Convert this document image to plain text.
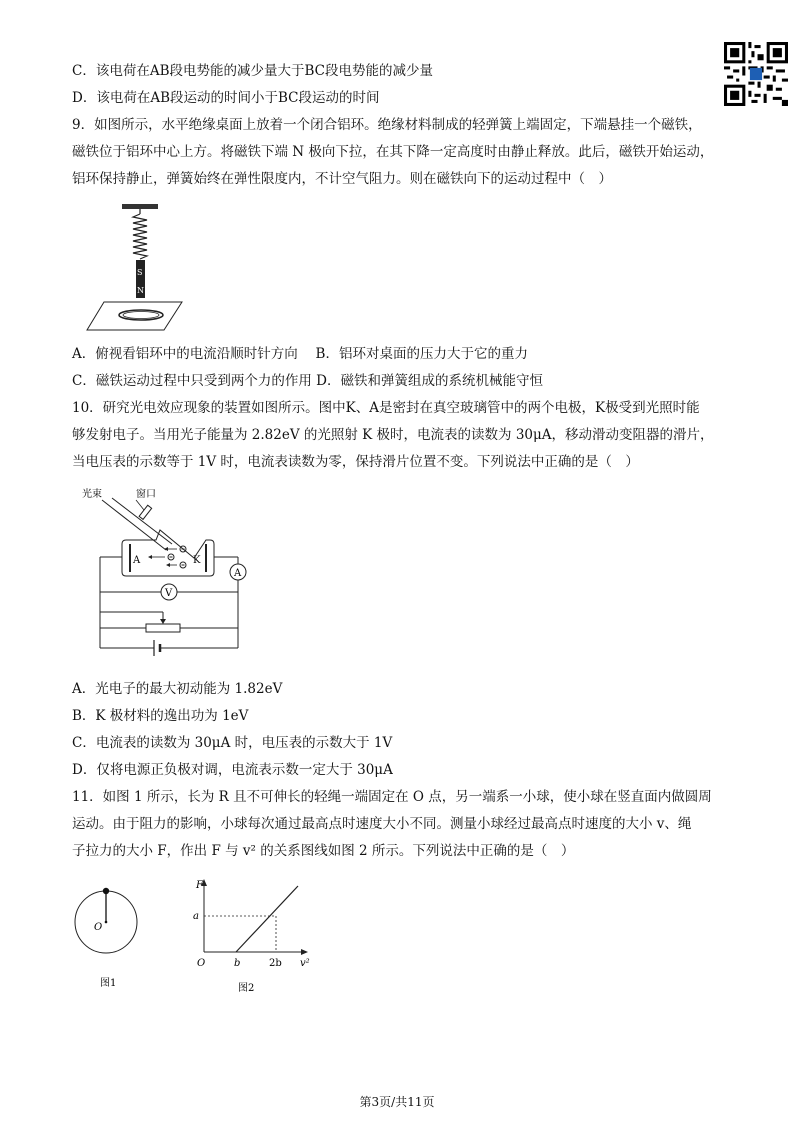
C．该电荷在AB段电势能的减少量大于BC段电势能的减少量
D．该电荷在AB段运动的时间小于BC段运动的时间
9．如图所示，水平绝缘桌面上放着一个闭合铝环。绝缘材料制成的轻弹簧上端固定，下端悬挂一个磁铁，
磁铁位于铝环中心上方。将磁铁下端 N 极向下拉，在其下降一定高度时由静止释放。此后，磁铁开始运动，
铝环保持静止，弹簧始终在弹性限度内，不计空气阻力。则在磁铁向下的运动过程中（　）
S
N
A．俯视看铝环中的电流沿顺时针方向　 B．铝环对桌面的压力大于它的重力
C．磁铁运动过程中只受到两个力的作用 D．磁铁和弹簧组成的系统机械能守恒
10．研究光电效应现象的装置如图所示。图中K、A是密封在真空玻璃管中的两个电极，K极受到光照时能
够发射电子。当用光子能量为 2.82eV 的光照射 K 极时，电流表的读数为 30μA，移动滑动变阻器的滑片，
当电压表的示数等于 1V 时，电流表读数为零，保持滑片位置不变。下列说法中正确的是（　）
光束	窗口
A	K
A
V
A．光电子的最大初动能为 1.82eV
B．K 极材料的逸出功为 1eV
C．电流表的读数为 30μA 时，电压表的示数大于 1V
D．仅将电源正负极对调，电流表示数一定大于 30μA
11．如图 1 所示，长为 R 且不可伸长的轻绳一端固定在 O 点，另一端系一小球，使小球在竖直面内做圆周
运动。由于阻力的影响，小球每次通过最高点时速度大小不同。测量小球经过最高点时速度的大小 v、绳
子拉力的大小 F，作出 F 与 v² 的关系图线如图 2 所示。下列说法中正确的是（　）
O
图1
F
a
O	b	2b v²
图2
第3页/共11页
